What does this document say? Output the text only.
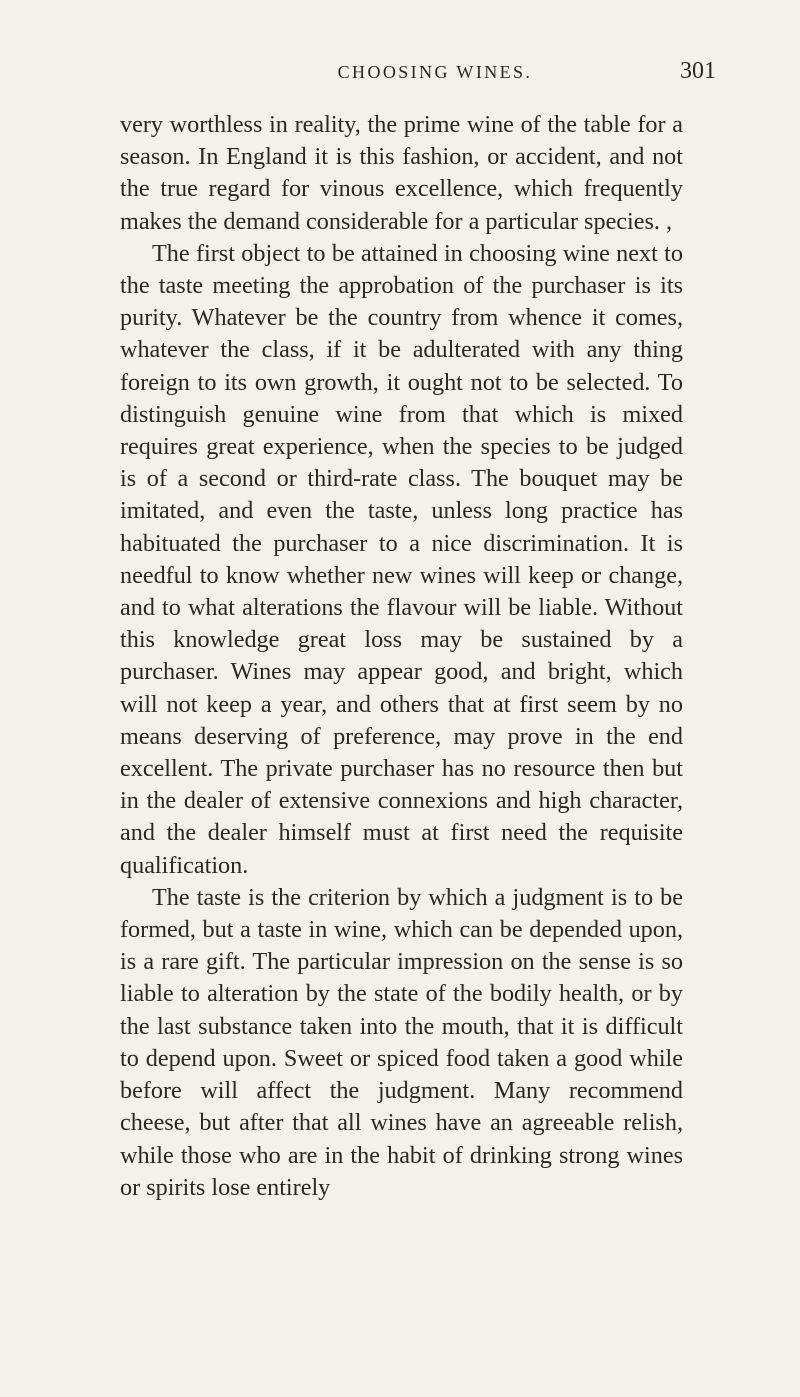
CHOOSING WINES.	301

very worthless in reality, the prime wine of the table for a season. In England it is this fashion, or accident, and not the true regard for vinous excellence, which frequently makes the demand considerable for a particular species. ,

The first object to be attained in choosing wine next to the taste meeting the approbation of the purchaser is its purity. Whatever be the country from whence it comes, whatever the class, if it be adulterated with any thing foreign to its own growth, it ought not to be selected. To distinguish genuine wine from that which is mixed requires great experience, when the species to be judged is of a second or third-rate class. The bouquet may be imitated, and even the taste, unless long practice has habituated the purchaser to a nice discrimination. It is needful to know whether new wines will keep or change, and to what alterations the flavour will be liable. Without this knowledge great loss may be sustained by a purchaser. Wines may appear good, and bright, which will not keep a year, and others that at first seem by no means deserving of preference, may prove in the end excellent. The private purchaser has no resource then but in the dealer of extensive connexions and high character, and the dealer himself must at first need the requisite qualification.

The taste is the criterion by which a judgment is to be formed, but a taste in wine, which can be depended upon, is a rare gift. The particular impression on the sense is so liable to alteration by the state of the bodily health, or by the last substance taken into the mouth, that it is difficult to depend upon. Sweet or spiced food taken a good while before will affect the judgment. Many recommend cheese, but after that all wines have an agreeable relish, while those who are in the habit of drinking strong wines or spirits lose entirely
